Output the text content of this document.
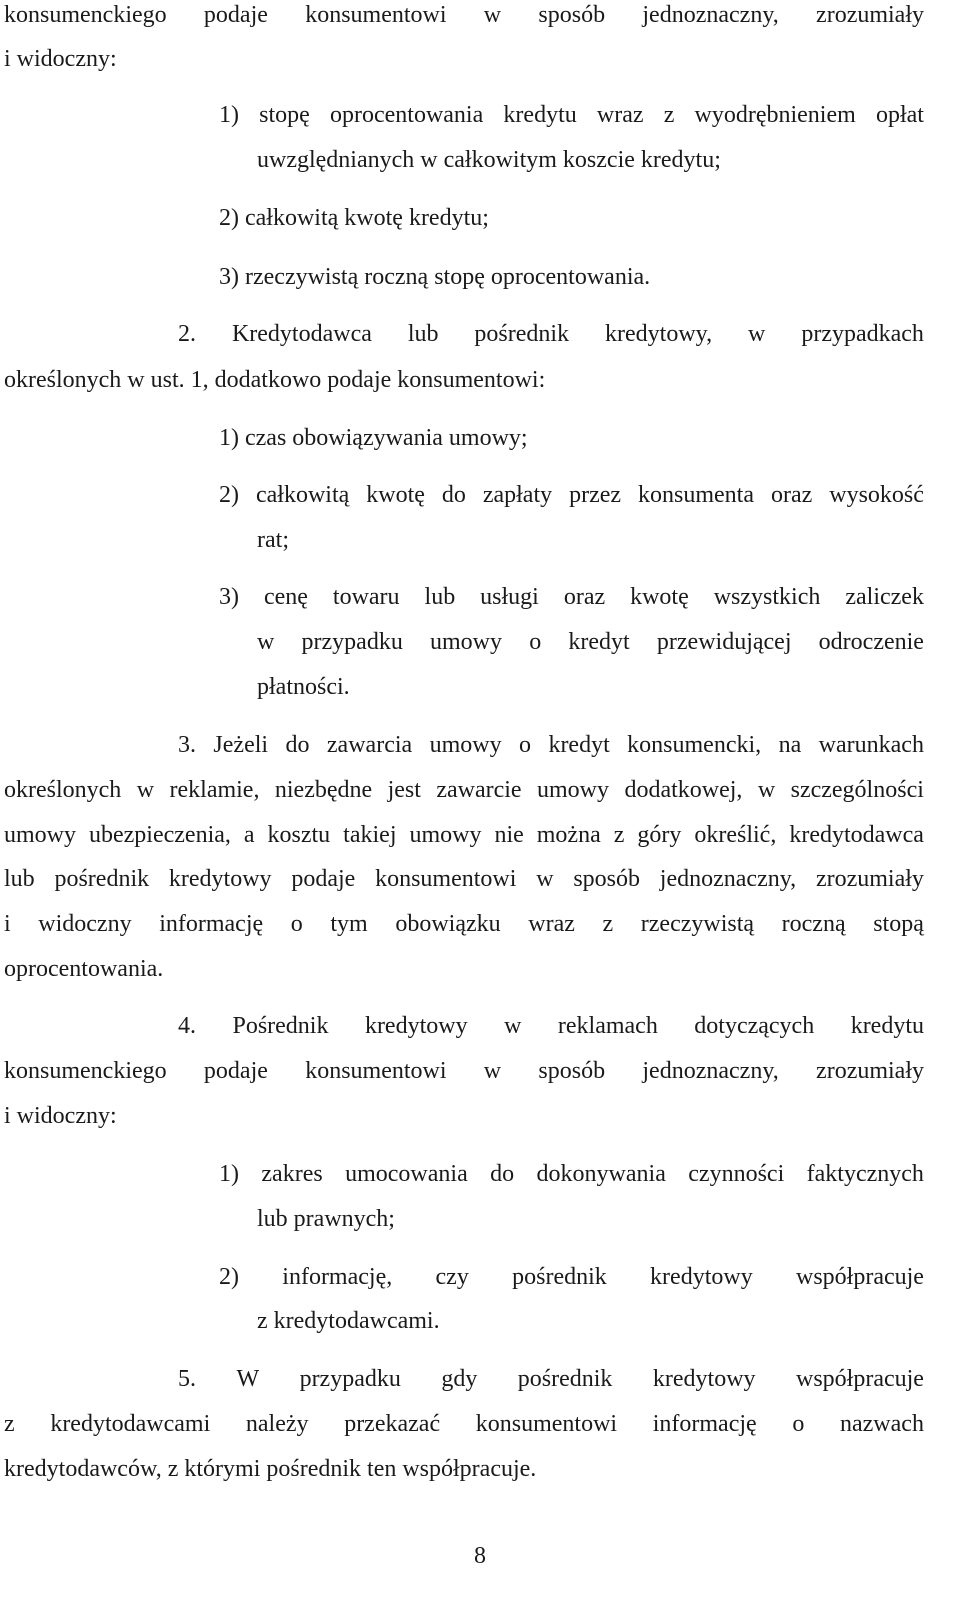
konsumenckiego podaje konsumentowi w sposób jednoznaczny, zrozumiały
i widoczny:
1) stopę oprocentowania kredytu wraz z wyodrębnieniem opłat
uwzględnianych w całkowitym koszcie kredytu;
2) całkowitą kwotę kredytu;
3) rzeczywistą roczną stopę oprocentowania.
2. Kredytodawca lub pośrednik kredytowy, w przypadkach
określonych w ust. 1, dodatkowo podaje konsumentowi:
1) czas obowiązywania umowy;
2) całkowitą kwotę do zapłaty przez konsumenta oraz wysokość
rat;
3) cenę towaru lub usługi oraz kwotę wszystkich zaliczek
w przypadku umowy o kredyt przewidującej odroczenie
płatności.
3. Jeżeli do zawarcia umowy o kredyt konsumencki, na warunkach
określonych w reklamie, niezbędne jest zawarcie umowy dodatkowej, w szczególności
umowy ubezpieczenia, a kosztu takiej umowy nie można z góry określić, kredytodawca
lub pośrednik kredytowy podaje konsumentowi w sposób jednoznaczny, zrozumiały
i widoczny informację o tym obowiązku wraz z rzeczywistą roczną stopą
oprocentowania.
4. Pośrednik kredytowy w reklamach dotyczących kredytu
konsumenckiego podaje konsumentowi w sposób jednoznaczny, zrozumiały
i widoczny:
1) zakres umocowania do dokonywania czynności faktycznych
lub prawnych;
2) informację, czy pośrednik kredytowy współpracuje
z kredytodawcami.
5. W przypadku gdy pośrednik kredytowy współpracuje
z kredytodawcami należy przekazać konsumentowi informację o nazwach
kredytodawców, z którymi pośrednik ten współpracuje.
8
